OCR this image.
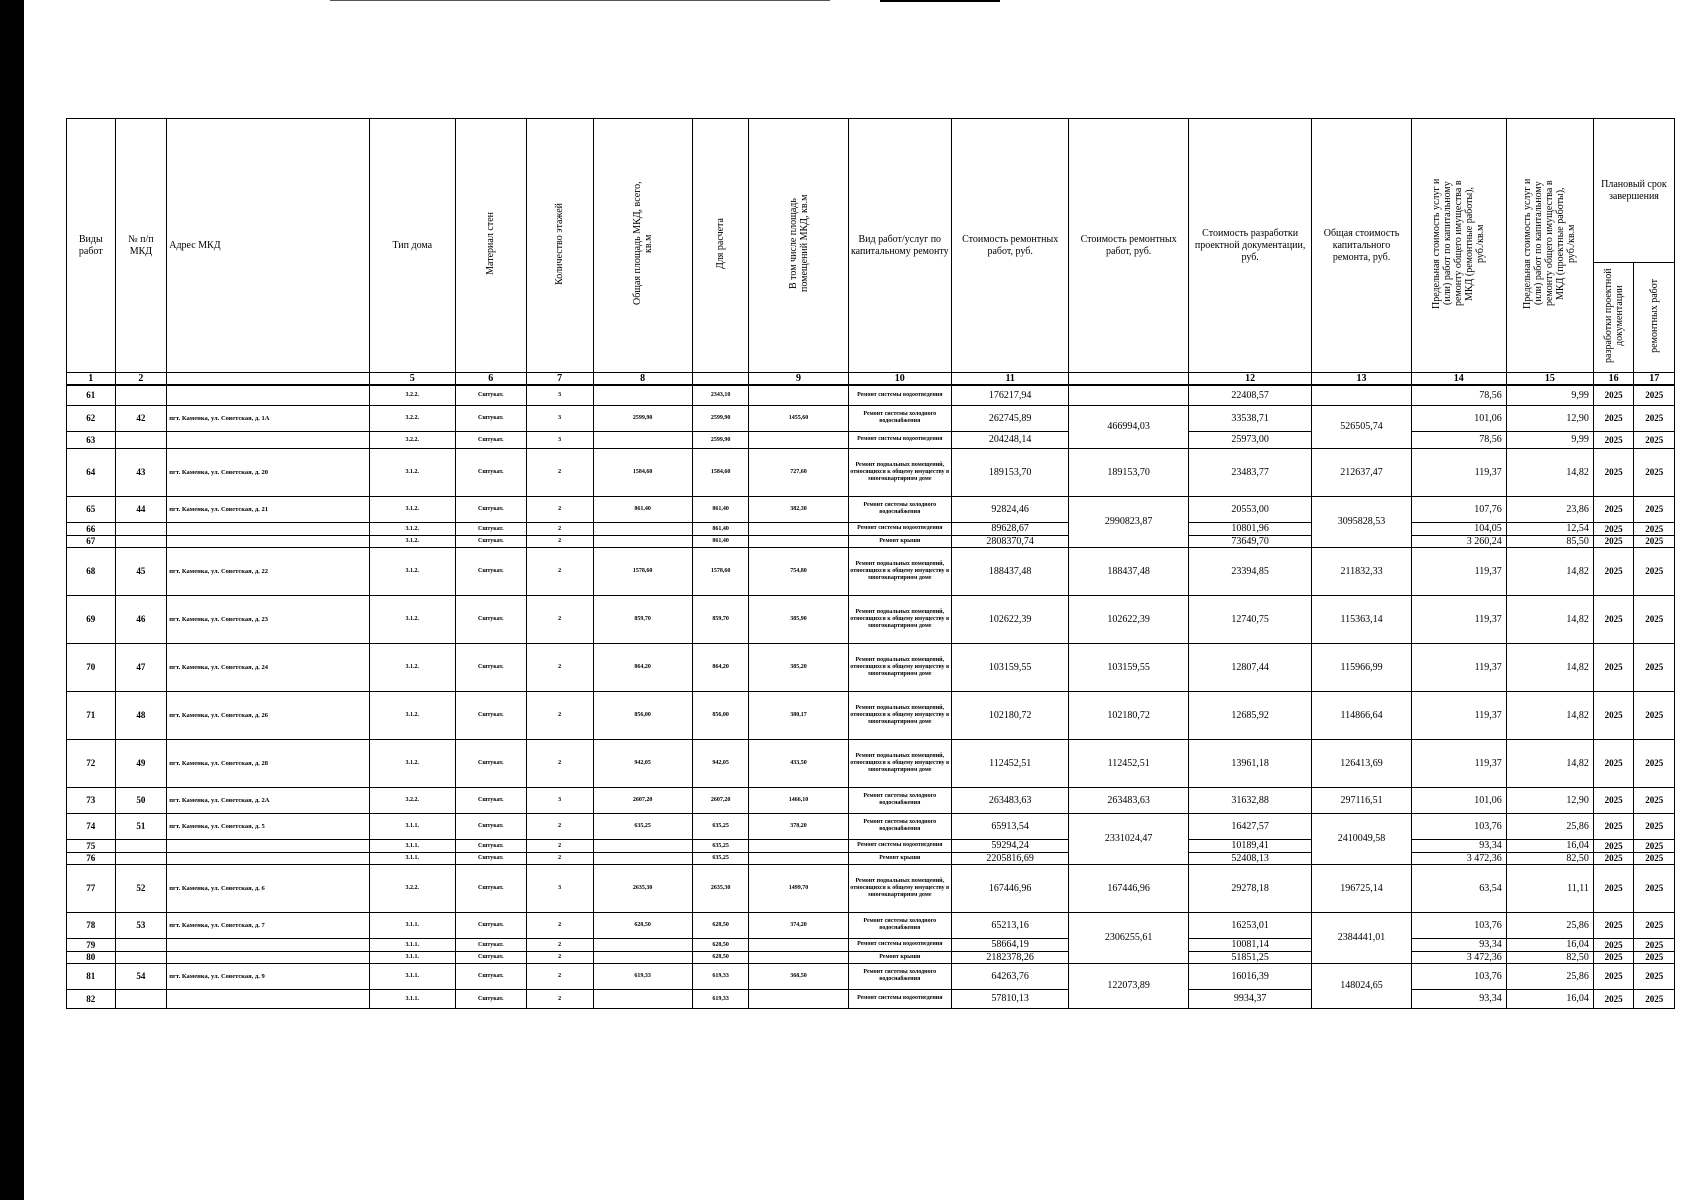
Виды работ	№ п/п МКД	Адрес МКД	Тип дома	Материал стен	Количество этажей	Общая площадь МКД, всего, кв.м	Для расчета	В том числе площадь помещений МКД, кв.м	Вид работ/услуг по капитальному ремонту	Стоимость ремонтных работ, руб.	Стоимость ремонтных работ, руб.	Стоимость разработки проектной документации, руб.	Общая стоимость капитального ремонта, руб.	Предельная стоимость услуг и (или) работ по капитальному ремонту общего имущества в МКД (ремонтные работы), руб./кв.м	Предельная стоимость услуг и (или) работ по капитальному ремонту общего имущества в МКД (проектные работы), руб./кв.м	Плановый срок завершения	
																разработки проектной документации	ремонтных работ
1	2		5	6	7	8		9	10	11		12	13	14	15	16	17
61			3.2.2.	Сштукат.	3		2343,10		Ремонт системы водоотведения	176217,94		22408,57		78,56	9,99	2025	2025
62	42	пгт. Каменка, ул. Советская, д. 1А	3.2.2.	Сштукат.	3	2599,90	2599,90	1455,60	Ремонт системы холодного водоснабжения	262745,89	466994,03	33538,71	526505,74	101,06	12,90	2025	2025
63			3.2.2.	Сштукат.	3		2599,90		Ремонт системы водоотведения	204248,14		25973,00		78,56	9,99	2025	2025
64	43	пгт. Каменка, ул. Советская, д. 20	3.1.2.	Сштукат.	2	1584,60	1584,60	727,60	Ремонт подвальных помещений, относящихся к общему имуществу в многоквартирном доме	189153,70	189153,70	23483,77	212637,47	119,37	14,82	2025	2025
65	44	пгт. Каменка, ул. Советская, д. 21	3.1.2.	Сштукат.	2	861,40	861,40	382,30	Ремонт системы холодного водоснабжения	92824,46	2990823,87	20553,00	3095828,53	107,76	23,86	2025	2025
66			3.1.2.	Сштукат.	2		861,40		Ремонт системы водоотведения	89628,67		10801,96		104,05	12,54	2025	2025
67			3.1.2.	Сштукат.	2		861,40		Ремонт крыши	2808370,74		73649,70		3 260,24	85,50	2025	2025
68	45	пгт. Каменка, ул. Советская, д. 22	3.1.2.	Сштукат.	2	1578,60	1578,60	754,80	Ремонт подвальных помещений, относящихся к общему имуществу в многоквартирном доме	188437,48	188437,48	23394,85	211832,33	119,37	14,82	2025	2025
69	46	пгт. Каменка, ул. Советская, д. 23	3.1.2.	Сштукат.	2	859,70	859,70	385,90	Ремонт подвальных помещений, относящихся к общему имуществу в многоквартирном доме	102622,39	102622,39	12740,75	115363,14	119,37	14,82	2025	2025
70	47	пгт. Каменка, ул. Советская, д. 24	3.1.2.	Сштукат.	2	864,20	864,20	385,20	Ремонт подвальных помещений, относящихся к общему имуществу в многоквартирном доме	103159,55	103159,55	12807,44	115966,99	119,37	14,82	2025	2025
71	48	пгт. Каменка, ул. Советская, д. 26	3.1.2.	Сштукат.	2	856,00	856,00	380,17	Ремонт подвальных помещений, относящихся к общему имуществу в многоквартирном доме	102180,72	102180,72	12685,92	114866,64	119,37	14,82	2025	2025
72	49	пгт. Каменка, ул. Советская, д. 28	3.1.2.	Сштукат.	2	942,05	942,05	433,50	Ремонт подвальных помещений, относящихся к общему имуществу в многоквартирном доме	112452,51	112452,51	13961,18	126413,69	119,37	14,82	2025	2025
73	50	пгт. Каменка, ул. Советская, д. 2А	3.2.2.	Сштукат.	3	2607,20	2607,20	1466,10	Ремонт системы холодного водоснабжения	263483,63	263483,63	31632,88	297116,51	101,06	12,90	2025	2025
74	51	пгт. Каменка, ул. Советская, д. 5	3.1.1.	Сштукат.	2	635,25	635,25	378,20	Ремонт системы холодного водоснабжения	65913,54	2331024,47	16427,57	2410049,58	103,76	25,86	2025	2025
75			3.1.1.	Сштукат.	2		635,25		Ремонт системы водоотведения	59294,24		10189,41		93,34	16,04	2025	2025
76			3.1.1.	Сштукат.	2		635,25		Ремонт крыши	2205816,69		52408,13		3 472,36	82,50	2025	2025
77	52	пгт. Каменка, ул. Советская, д. 6	3.2.2.	Сштукат.	3	2635,30	2635,30	1499,70	Ремонт подвальных помещений, относящихся к общему имуществу в многоквартирном доме	167446,96	167446,96	29278,18	196725,14	63,54	11,11	2025	2025
78	53	пгт. Каменка, ул. Советская, д. 7	3.1.1.	Сштукат.	2	628,50	628,50	374,20	Ремонт системы холодного водоснабжения	65213,16	2306255,61	16253,01	2384441,01	103,76	25,86	2025	2025
79			3.1.1.	Сштукат.	2		628,50		Ремонт системы водоотведения	58664,19		10081,14		93,34	16,04	2025	2025
80			3.1.1.	Сштукат.	2		628,50		Ремонт крыши	2182378,26		51851,25		3 472,36	82,50	2025	2025
81	54	пгт. Каменка, ул. Советская, д. 9	3.1.1.	Сштукат.	2	619,33	619,33	368,50	Ремонт системы холодного водоснабжения	64263,76	122073,89	16016,39	148024,65	103,76	25,86	2025	2025
82			3.1.1.	Сштукат.	2		619,33		Ремонт системы водоотведения	57810,13		9934,37		93,34	16,04	2025	2025
